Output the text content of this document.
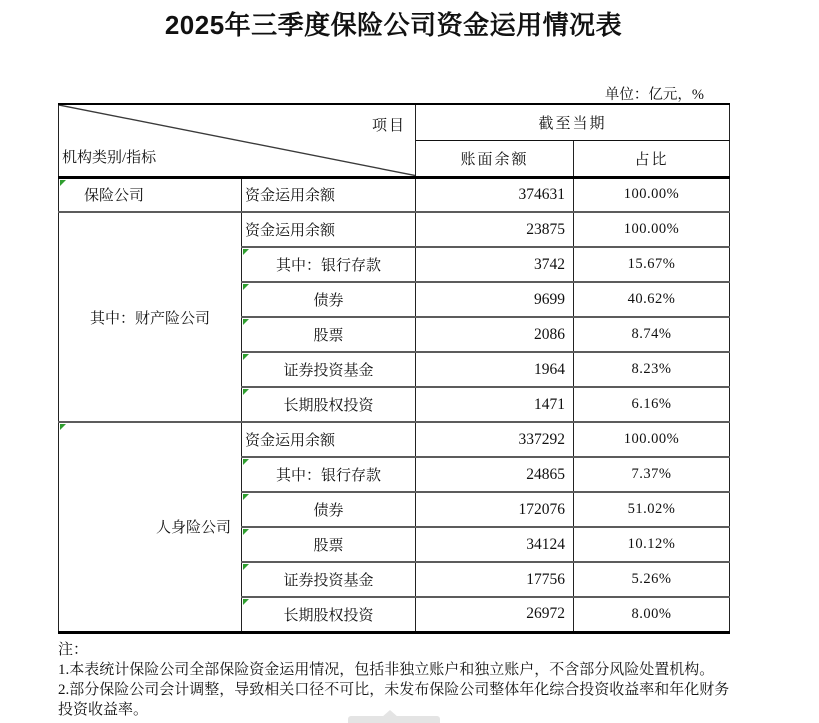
2025年三季度保险公司资金运用情况表
单位：亿元，%
项目
机构类别/指标		截至当期	
		账面余额	占比

保险公司	资金运用余额	374631	100.00%
其中：财产险公司	资金运用余额	23875	100.00%

其中：银行存款	3742	15.67%

债券	9699	40.62%

股票	2086	8.74%

证券投资基金	1964	8.23%

长期股权投资	1471	6.16%

人身险公司	资金运用余额	337292	100.00%

其中：银行存款	24865	7.37%

债券	172076	51.02%

股票	34124	10.12%

证券投资基金	17756	5.26%

长期股权投资	26972	8.00%
注：
1.本表统计保险公司全部保险资金运用情况，包括非独立账户和独立账户，不含部分风险处置机构。
2.部分保险公司会计调整，导致相关口径不可比，未发布保险公司整体年化综合投资收益率和年化财务投资收益率。
